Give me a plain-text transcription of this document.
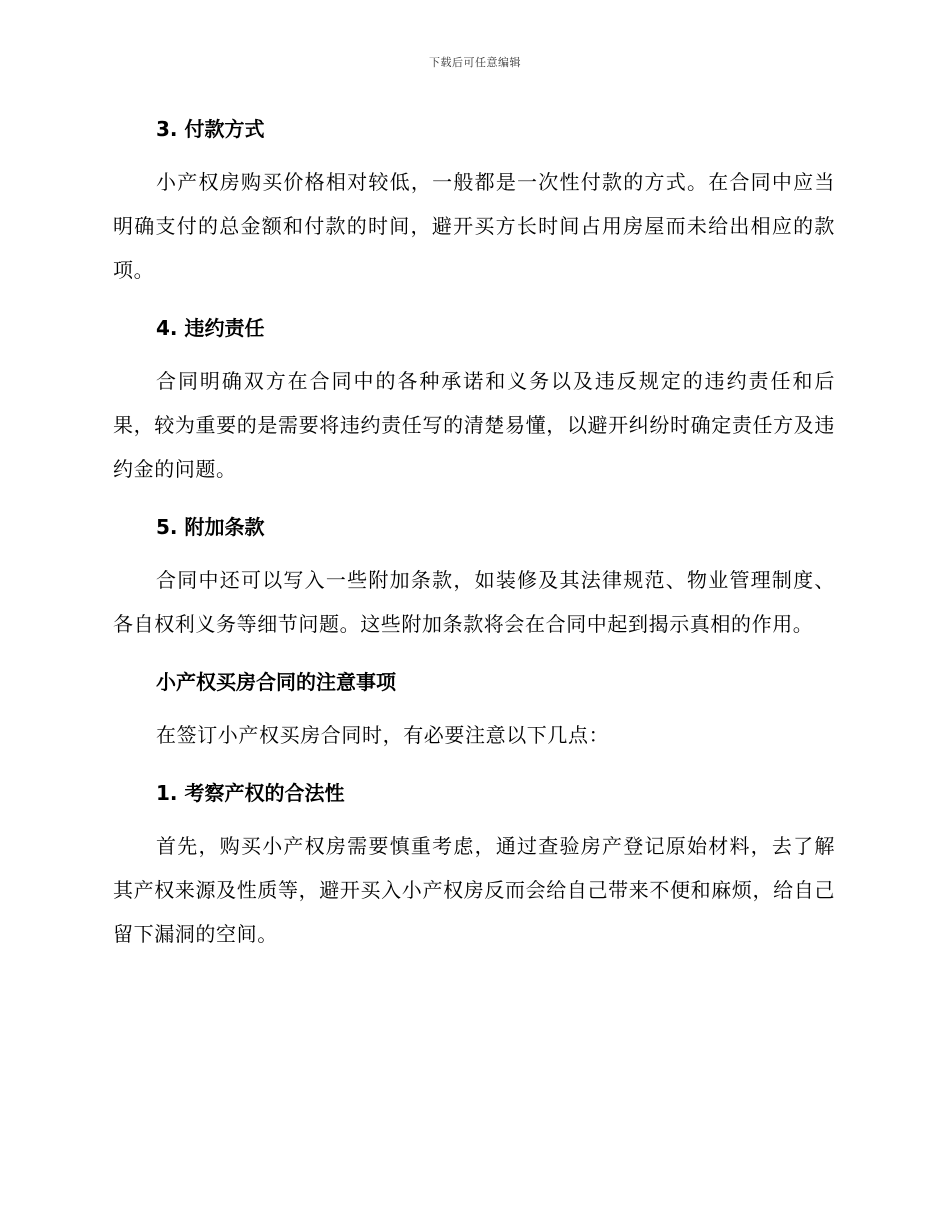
下载后可任意编辑
3. 付款方式

小产权房购买价格相对较低，一般都是一次性付款的方式。在合同中应当明确支付的总金额和付款的时间，避开买方长时间占用房屋而未给出相应的款项。

4. 违约责任

合同明确双方在合同中的各种承诺和义务以及违反规定的违约责任和后果，较为重要的是需要将违约责任写的清楚易懂，以避开纠纷时确定责任方及违约金的问题。

5. 附加条款

合同中还可以写入一些附加条款，如装修及其法律规范、物业管理制度、各自权利义务等细节问题。这些附加条款将会在合同中起到揭示真相的作用。

小产权买房合同的注意事项

在签订小产权买房合同时，有必要注意以下几点：

1. 考察产权的合法性

首先，购买小产权房需要慎重考虑，通过查验房产登记原始材料，去了解其产权来源及性质等，避开买入小产权房反而会给自己带来不便和麻烦，给自己留下漏洞的空间。
